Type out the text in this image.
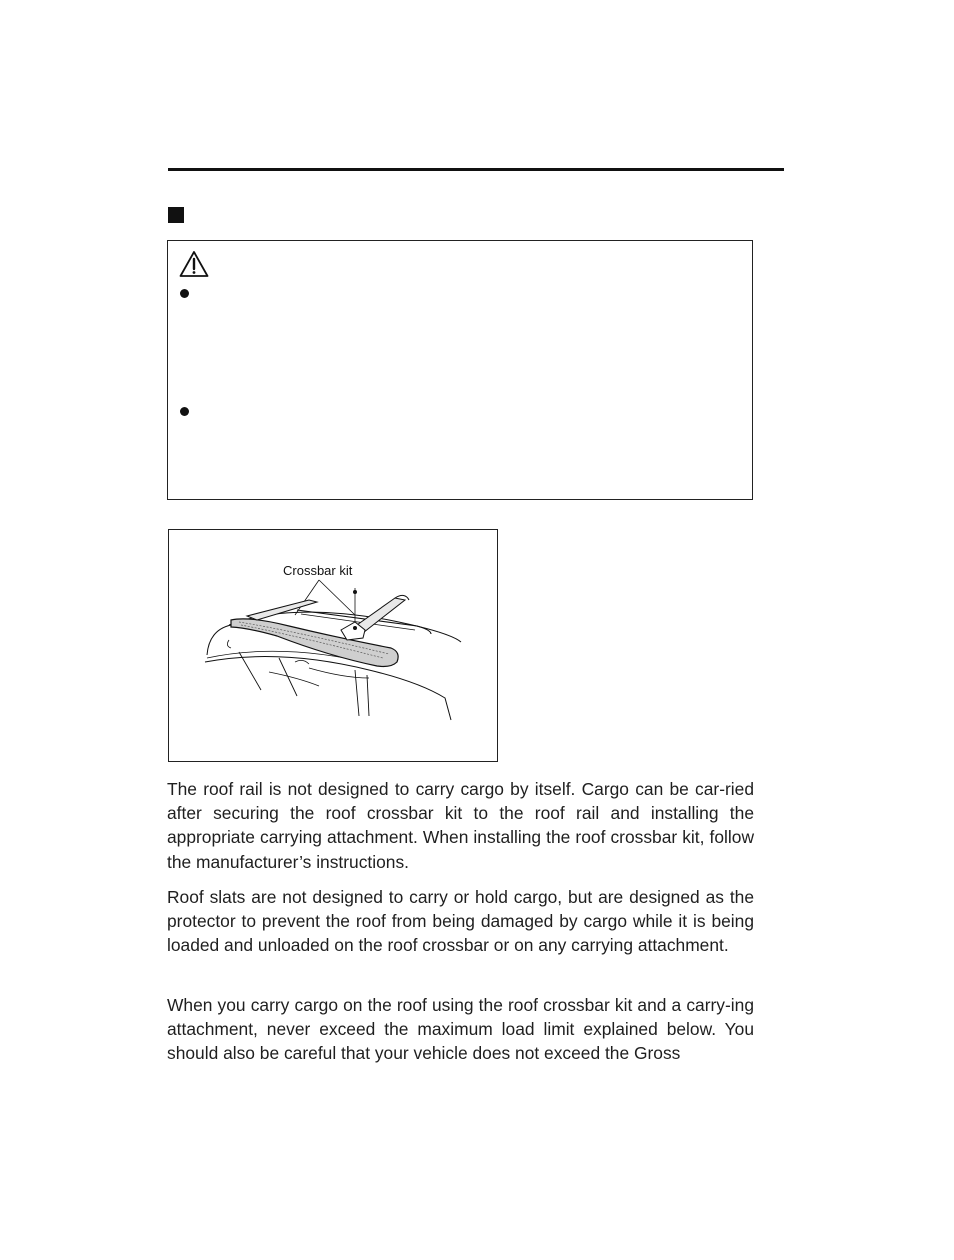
Crossbar kit

The roof rail is not designed to carry cargo by itself. Cargo can be car-ried after securing the roof crossbar kit to the roof rail and installing the appropriate carrying attachment. When installing the roof crossbar kit, follow the manufacturer’s instructions.

Roof slats are not designed to carry or hold cargo, but are designed as the protector to prevent the roof from being damaged by cargo while it is being loaded and unloaded on the roof crossbar or on any carrying attachment.

When you carry cargo on the roof using the roof crossbar kit and a carry-ing attachment, never exceed the maximum load limit explained below. You should also be careful that your vehicle does not exceed the Gross
